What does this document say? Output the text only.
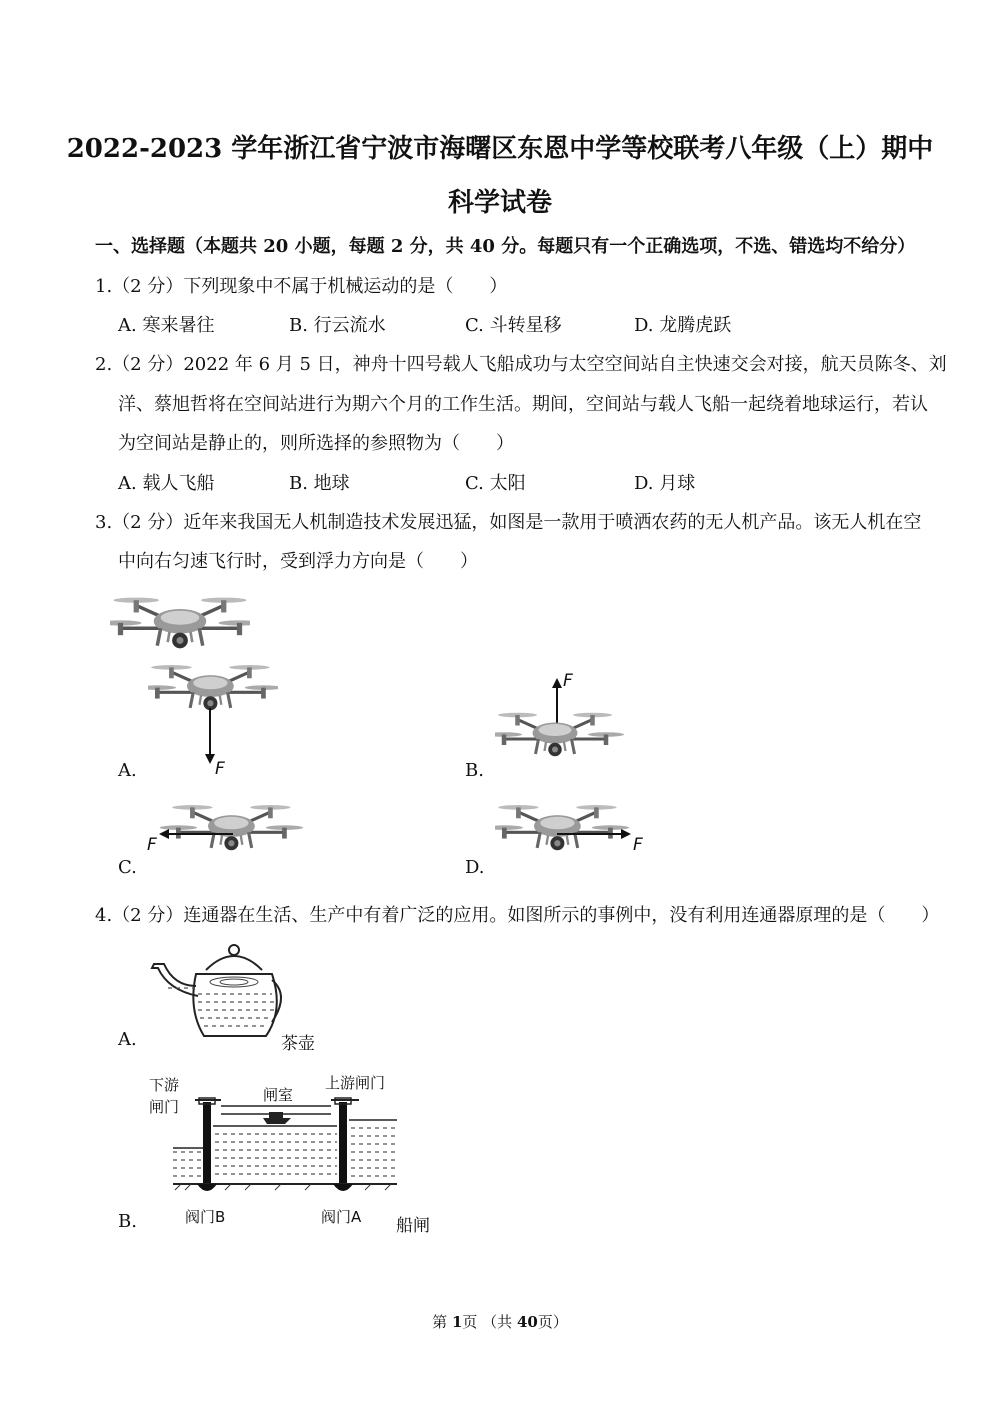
2022-2023 学年浙江省宁波市海曙区东恩中学等校联考八年级（上）期中
科学试卷
一、选择题（本题共 20 小题，每题 2 分，共 40 分。每题只有一个正确选项，不选、错选均不给分）
1.（2 分）下列现象中不属于机械运动的是（　　）
A. 寒来暑往	B. 行云流水	C. 斗转星移	D. 龙腾虎跃
2.（2 分）2022 年 6 月 5 日，神舟十四号载人飞船成功与太空空间站自主快速交会对接，航天员陈冬、刘
洋、蔡旭哲将在空间站进行为期六个月的工作生活。期间，空间站与载人飞船一起绕着地球运行，若认
为空间站是静止的，则所选择的参照物为（　　）
A. 载人飞船	B. 地球	C. 太阳	D. 月球
3.（2 分）近年来我国无人机制造技术发展迅猛，如图是一款用于喷洒农药的无人机产品。该无人机在空
中向右匀速飞行时，受到浮力方向是（　　）
F
A.
F
B.
F
C.
F
D.
4.（2 分）连通器在生活、生产中有着广泛的应用。如图所示的事例中，没有利用连通器原理的是（　　）
A.	茶壶
下游
闸门
闸室
上游闸门
阀门B	阀门A
B.	船闸
第 1页 （共 40页）
